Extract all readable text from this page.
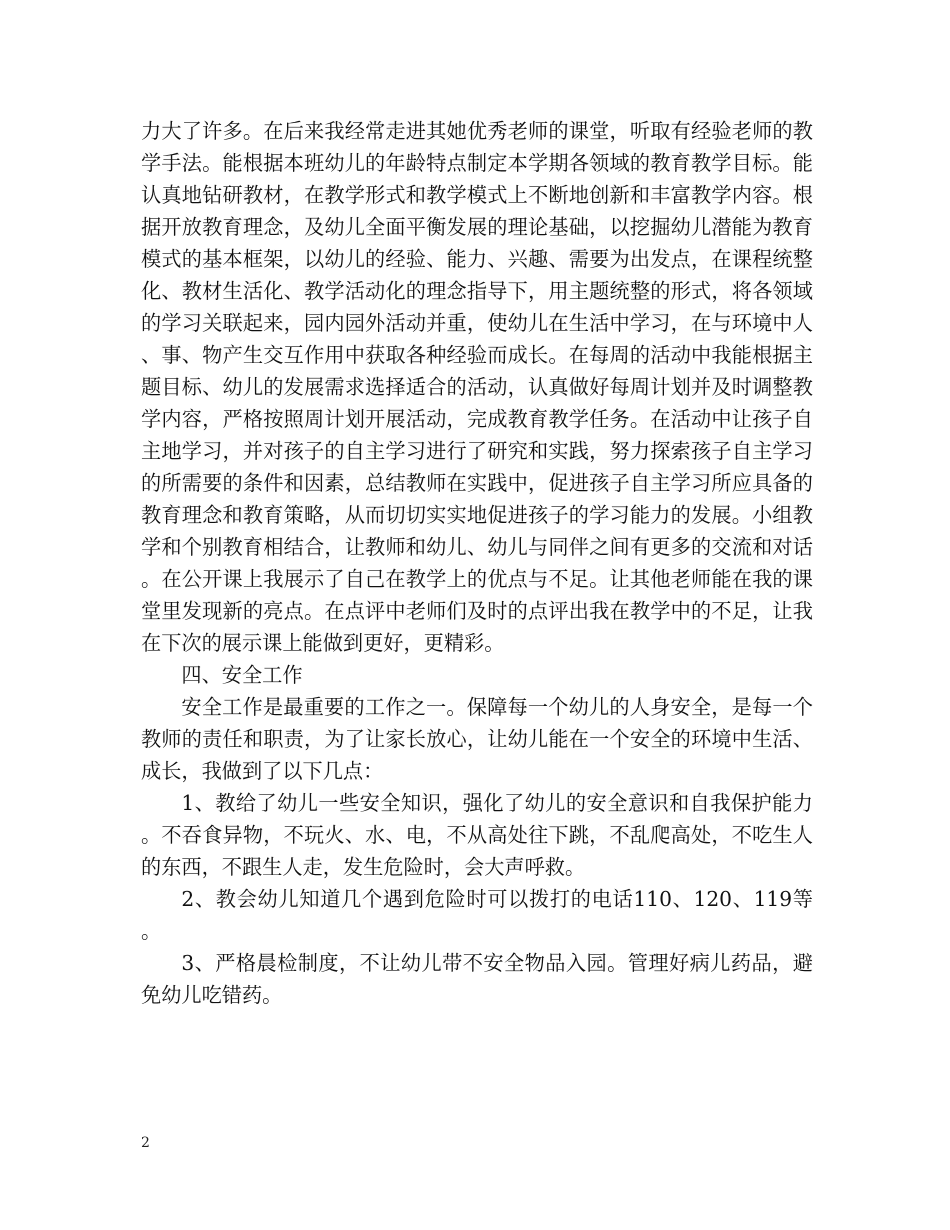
力大了许多。在后来我经常走进其她优秀老师的课堂，听取有经验老师的教学手法。能根据本班幼儿的年龄特点制定本学期各领域的教育教学目标。能认真地钻研教材，在教学形式和教学模式上不断地创新和丰富教学内容。根据开放教育理念，及幼儿全面平衡发展的理论基础，以挖掘幼儿潜能为教育模式的基本框架，以幼儿的经验、能力、兴趣、需要为出发点，在课程统整化、教材生活化、教学活动化的理念指导下，用主题统整的形式，将各领域的学习关联起来，园内园外活动并重，使幼儿在生活中学习，在与环境中人、事、物产生交互作用中获取各种经验而成长。在每周的活动中我能根据主题目标、幼儿的发展需求选择适合的活动，认真做好每周计划并及时调整教学内容，严格按照周计划开展活动，完成教育教学任务。在活动中让孩子自主地学习，并对孩子的自主学习进行了研究和实践，努力探索孩子自主学习的所需要的条件和因素，总结教师在实践中，促进孩子自主学习所应具备的教育理念和教育策略，从而切切实实地促进孩子的学习能力的发展。小组教学和个别教育相结合，让教师和幼儿、幼儿与同伴之间有更多的交流和对话。在公开课上我展示了自己在教学上的优点与不足。让其他老师能在我的课堂里发现新的亮点。在点评中老师们及时的点评出我在教学中的不足，让我在下次的展示课上能做到更好，更精彩。

四、安全工作

安全工作是最重要的工作之一。保障每一个幼儿的人身安全，是每一个教师的责任和职责，为了让家长放心，让幼儿能在一个安全的环境中生活、成长，我做到了以下几点：

1、教给了幼儿一些安全知识，强化了幼儿的安全意识和自我保护能力。不吞食异物，不玩火、水、电，不从高处往下跳，不乱爬高处，不吃生人的东西，不跟生人走，发生危险时，会大声呼救。

2、教会幼儿知道几个遇到危险时可以拨打的电话110、120、119等。

3、严格晨检制度，不让幼儿带不安全物品入园。管理好病儿药品，避免幼儿吃错药。

2
